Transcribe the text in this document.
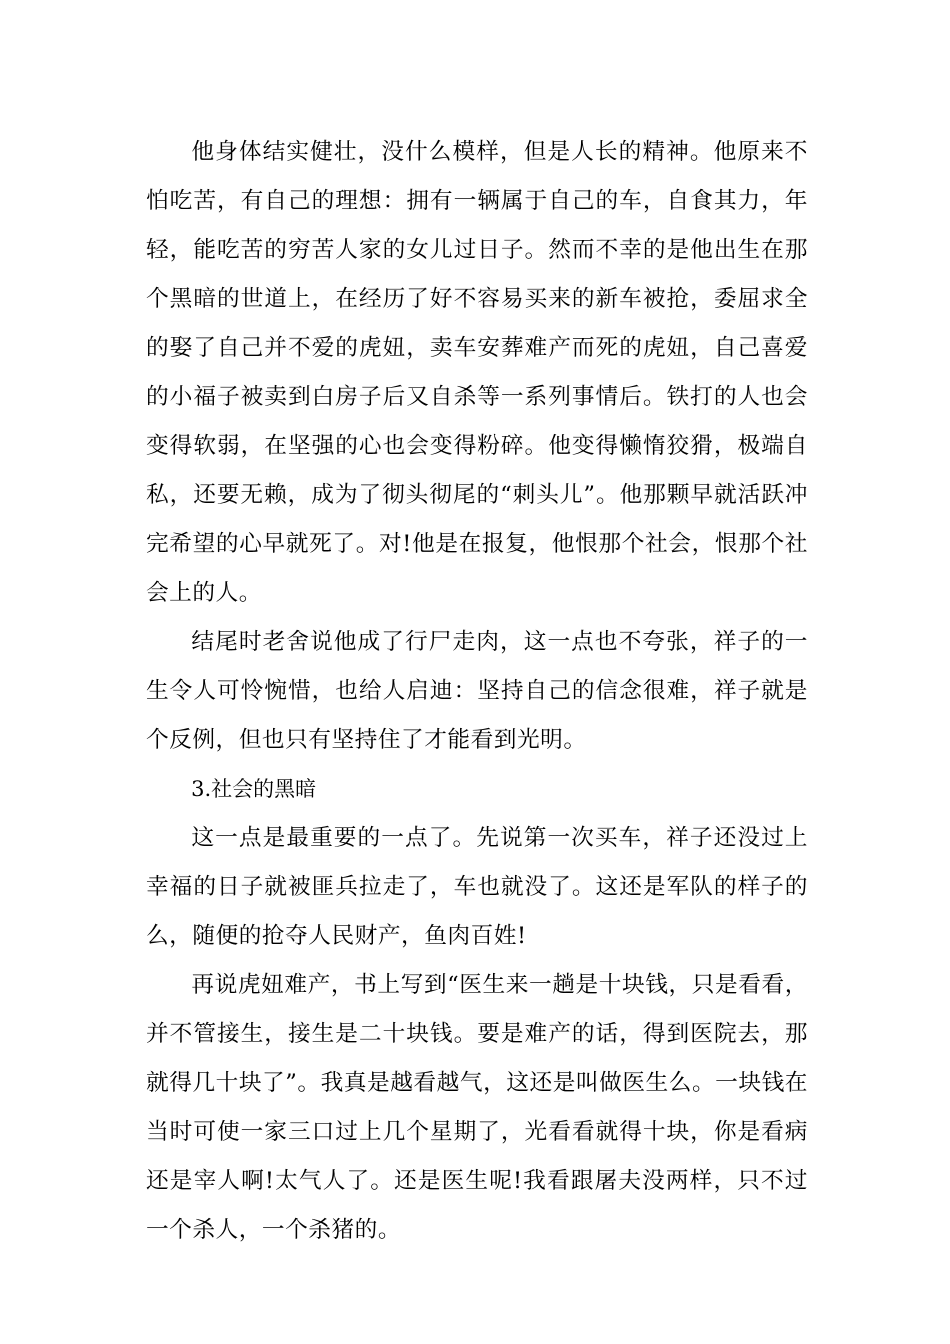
他身体结实健壮，没什么模样，但是人长的精神。他原来不怕吃苦，有自己的理想：拥有一辆属于自己的车，自食其力，年轻，能吃苦的穷苦人家的女儿过日子。然而不幸的是他出生在那个黑暗的世道上，在经历了好不容易买来的新车被抢，委屈求全的娶了自己并不爱的虎妞，卖车安葬难产而死的虎妞，自己喜爱的小福子被卖到白房子后又自杀等一系列事情后。铁打的人也会变得软弱，在坚强的心也会变得粉碎。他变得懒惰狡猾，极端自私，还要无赖，成为了彻头彻尾的“刺头儿”。他那颗早就活跃冲完希望的心早就死了。对!他是在报复，他恨那个社会，恨那个社会上的人。

结尾时老舍说他成了行尸走肉，这一点也不夸张，祥子的一生令人可怜惋惜，也给人启迪：坚持自己的信念很难，祥子就是个反例，但也只有坚持住了才能看到光明。

3.社会的黑暗

这一点是最重要的一点了。先说第一次买车，祥子还没过上幸福的日子就被匪兵拉走了，车也就没了。这还是军队的样子的么，随便的抢夺人民财产，鱼肉百姓!

再说虎妞难产，书上写到“医生来一趟是十块钱，只是看看，并不管接生，接生是二十块钱。要是难产的话，得到医院去，那就得几十块了”。我真是越看越气，这还是叫做医生么。一块钱在当时可使一家三口过上几个星期了，光看看就得十块，你是看病还是宰人啊!太气人了。还是医生呢!我看跟屠夫没两样，只不过一个杀人，一个杀猪的。
